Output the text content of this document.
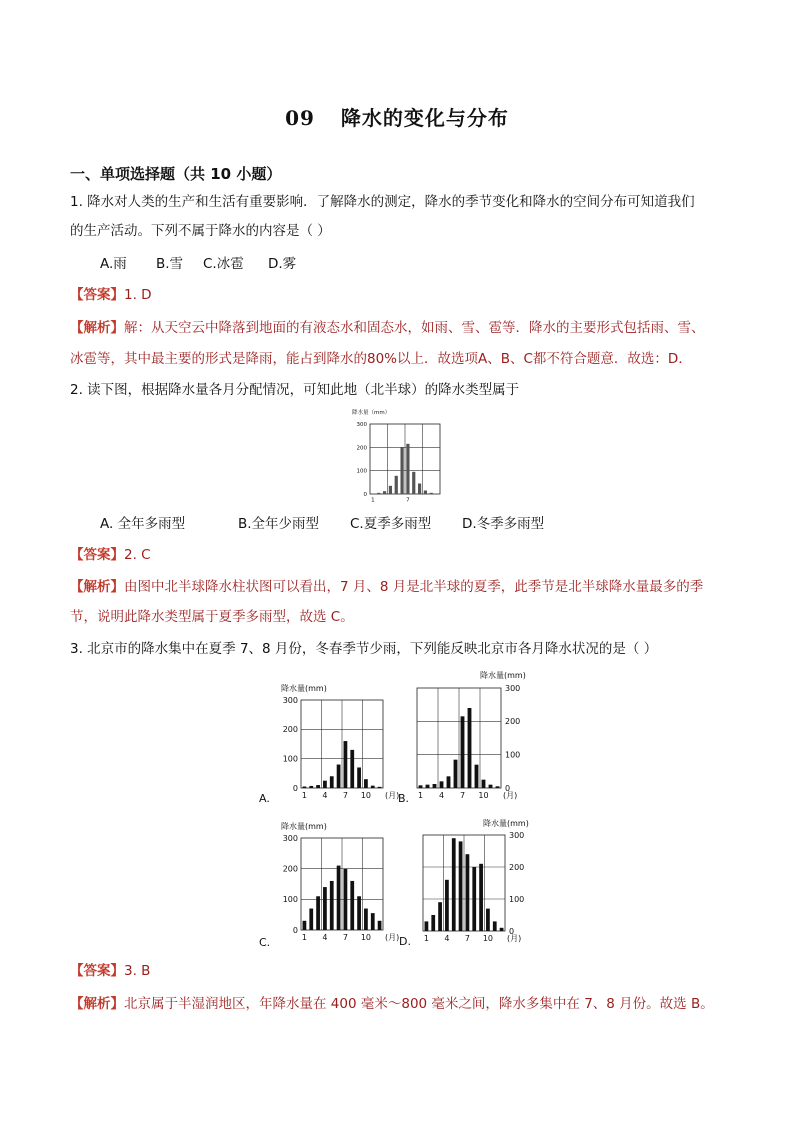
09 降水的变化与分布
一、单项选择题（共 10 小题）
1. 降水对人类的生产和生活有重要影响．了解降水的测定，降水的季节变化和降水的空间分布可知道我们
的生产活动。下列不属于降水的内容是（ ）
A.雨 B.雪 C.冰雹 D.雾
【答案】1. D
【解析】解：从天空云中降落到地面的有液态水和固态水，如雨、雪、雹等．降水的主要形式包括雨、雪、
冰雹等，其中最主要的形式是降雨，能占到降水的80%以上．故选项A、B、C都不符合题意．故选：D．
2. 读下图，根据降水量各月分配情况，可知此地（北半球）的降水类型属于
降水量（mm）
300
200
100
0
1	7
A. 全年多雨型	B.全年少雨型 C.夏季多雨型 D.冬季多雨型
【答案】2. C
【解析】由图中北半球降水柱状图可以看出，7 月、8 月是北半球的夏季，此季节是北半球降水量最多的季
节，说明此降水类型属于夏季多雨型，故选 C。
3. 北京市的降水集中在夏季 7、8 月份，冬春季节少雨，下列能反映北京市各月降水状况的是（ ）
降水量(mm)
A.
300
200
100
0
1 4 7 10 (月)
降水量(mm)
B.
300
200
100
0
1 4 7 10 (月)
降水量(mm)
C.
300
200
100
0
1 4 7 10 (月)
降水量(mm)
D.
300
200
100
0
1 4 7 10 (月)
【答案】3. B
【解析】北京属于半湿润地区，年降水量在 400 毫米～800 毫米之间，降水多集中在 7、8 月份。故选 B。
